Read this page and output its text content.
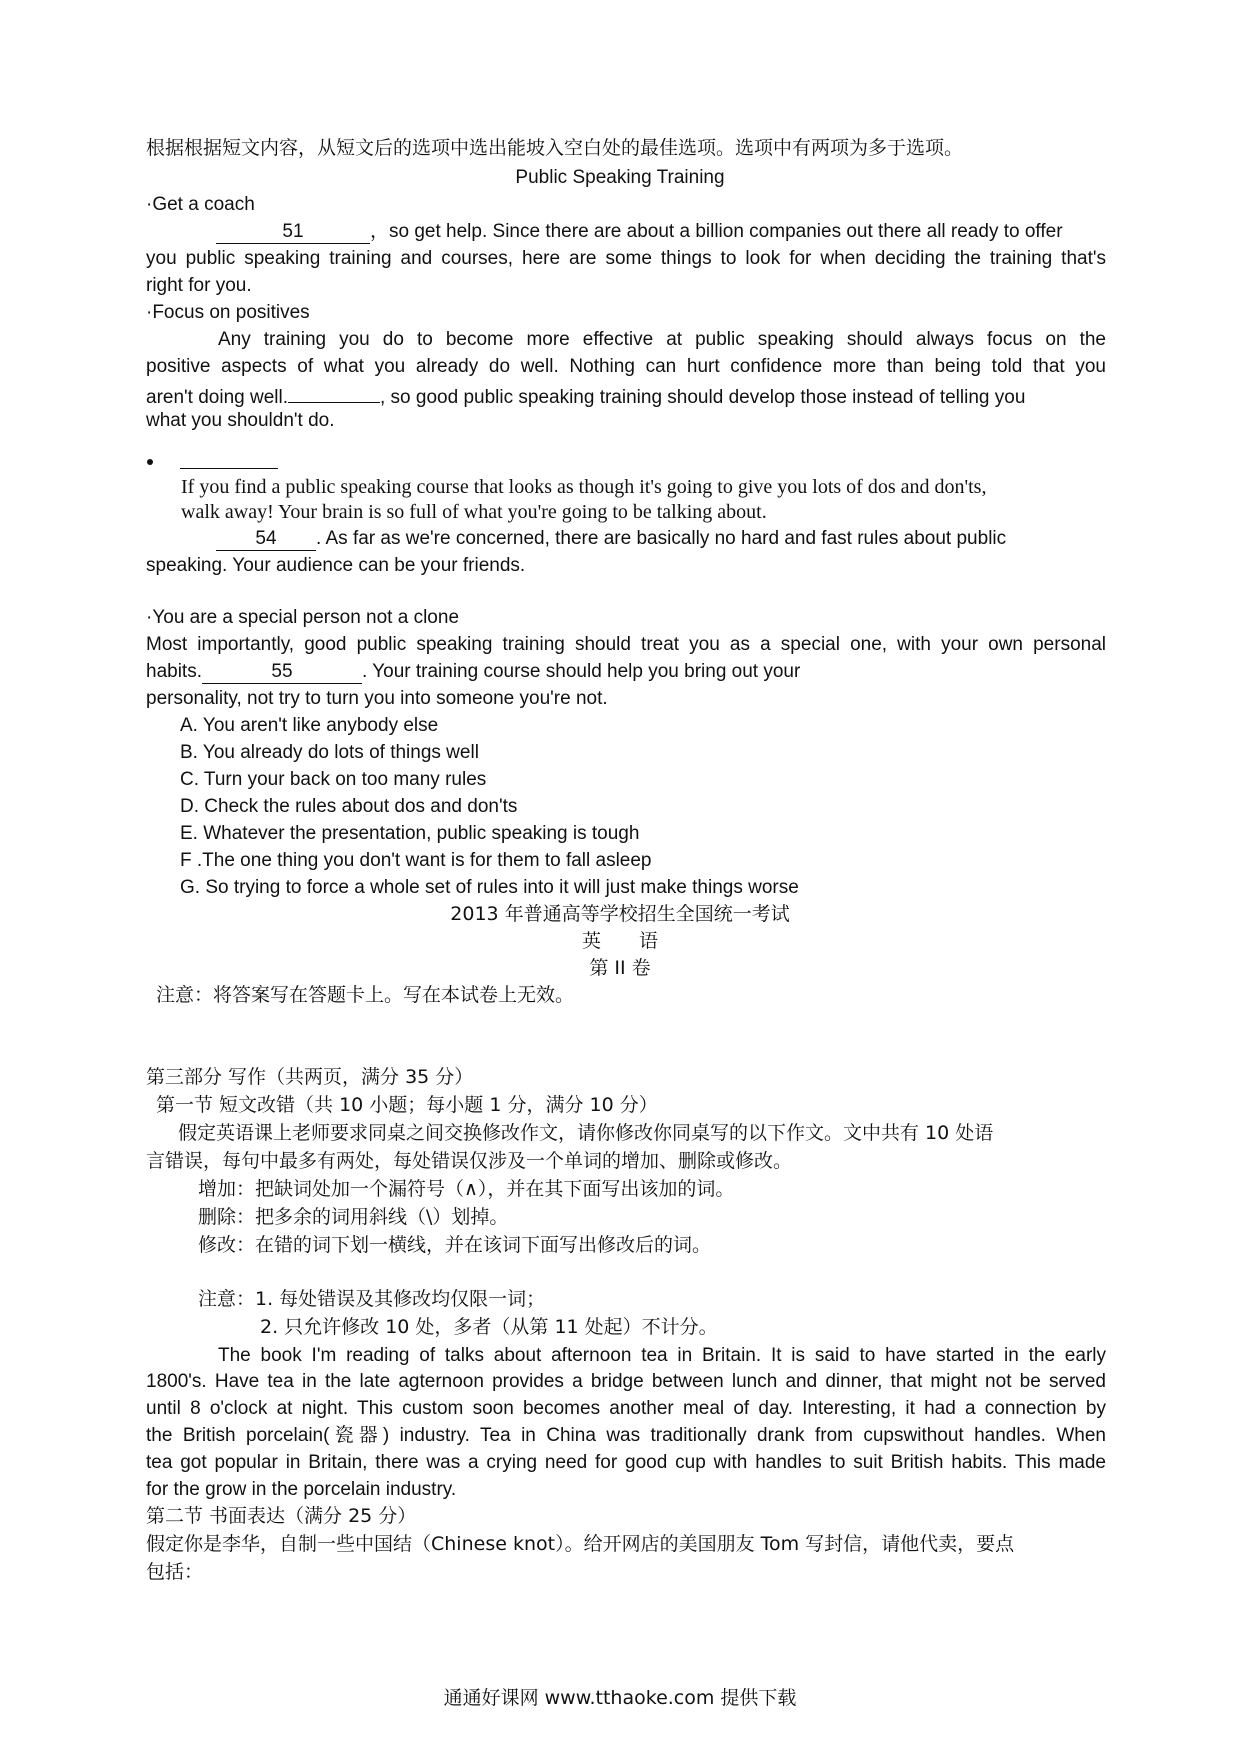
根据根据短文内容，从短文后的选项中选出能坡入空白处的最佳选项。选项中有两项为多于选项。

Public Speaking Training

·Get a coach

51	，so get help. Since there are about a billion companies out there all ready to offer

you public speaking training and courses, here are some things to look for when deciding the training that's

right for you.

·Focus on positives

Any training you do to become more effective at public speaking should always focus on the

positive aspects of what you already do well. Nothing can hurt confidence more than being told that you

aren't doing well.	, so good public speaking training should develop those instead of telling you

what you shouldn't do.

If you find a public speaking course that looks as though it's going to give you lots of dos and don'ts,

walk away! Your brain is so full of what you're going to be talking about.

54 . As far as we're concerned, there are basically no hard and fast rules about public

speaking. Your audience can be your friends.

·You are a special person not a clone

Most importantly, good public speaking training should treat you as a special one, with your own personal

habits.	55	. Your training course should help you bring out your

personality, not try to turn you into someone you're not.

A. You aren't like anybody else

B. You already do lots of things well

C. Turn your back on too many rules

D. Check the rules about dos and don'ts

E. Whatever the presentation, public speaking is tough

F .The one thing you don't want is for them to fall asleep

G. So trying to force a whole set of rules into it will just make things worse

2013 年普通高等学校招生全国统一考试

英　　语

第 II 卷

注意：将答案写在答题卡上。写在本试卷上无效。

第三部分 写作（共两页，满分 35 分）

第一节 短文改错（共 10 小题；每小题 1 分，满分 10 分）

假定英语课上老师要求同桌之间交换修改作文，请你修改你同桌写的以下作文。文中共有 10 处语

言错误，每句中最多有两处，每处错误仅涉及一个单词的增加、删除或修改。

增加：把缺词处加一个漏符号（∧），并在其下面写出该加的词。

删除：把多余的词用斜线（\）划掉。

修改：在错的词下划一横线，并在该词下面写出修改后的词。

注意：1. 每处错误及其修改均仅限一词；

2. 只允许修改 10 处，多者（从第 11 处起）不计分。

The book I'm reading of talks about afternoon tea in Britain. It is said to have started in the early

1800's. Have tea in the late agternoon provides a bridge between lunch and dinner, that might not be served

until 8 o'clock at night. This custom soon becomes another meal of day. Interesting, it had a connection by

the British porcelain(瓷器) industry. Tea in China was traditionally drank from cupswithout handles. When

tea got popular in Britain, there was a crying need for good cup with handles to suit British habits. This made

for the grow in the porcelain industry.

第二节 书面表达（满分 25 分）

假定你是李华，自制一些中国结（Chinese knot）。给开网店的美国朋友 Tom 写封信，请他代卖，要点

包括：

通通好课网 www.tthaoke.com 提供下载
